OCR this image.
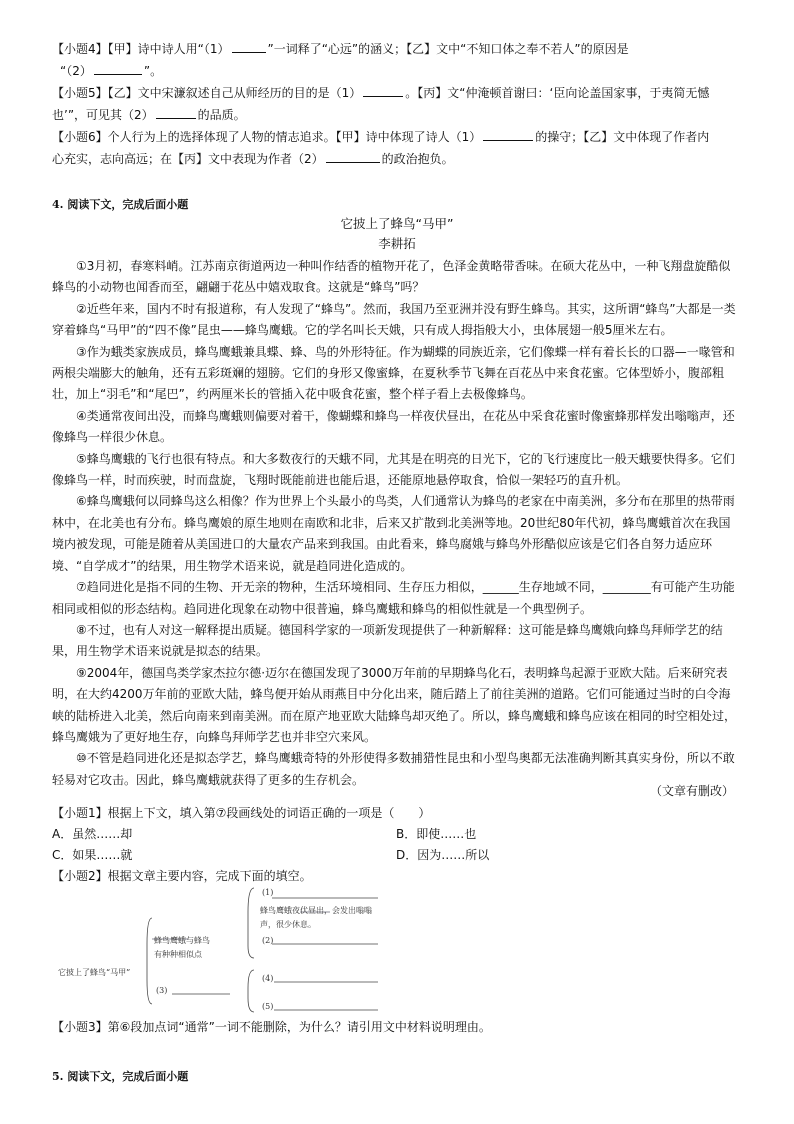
【小题4】【甲】诗中诗人用“（1）	”一词释了“心远”的涵义；【乙】文中“不知口体之奉不若人”的原因是
“（2）	”。
【小题5】【乙】文中宋濂叙述自己从师经历的目的是（1）	。【丙】文“仲淹顿首谢曰：‘臣向论盖国家事，于夷简无憾
也’”，可见其（2）	的品质。
【小题6】个人行为上的选择体现了人物的情志追求。【甲】诗中体现了诗人（1）	的操守；【乙】文中体现了作者内
心充实，志向高远；在【丙】文中表现为作者（2）	的政治抱负。
4. 阅读下文，完成后面小题
它披上了蜂鸟“马甲”
李耕拓

①3月初，春寒料峭。江苏南京街道两边一种叫作结香的植物开花了，色泽金黄略带香味。在硕大花丛中，一种飞翔盘旋酷似蜂鸟的小动物也闻香而至，翩翩于花丛中嬉戏取食。这就是“蜂鸟”吗？

②近些年来，国内不时有报道称，有人发现了“蜂鸟”。然而，我国乃至亚洲并没有野生蜂鸟。其实，这所谓“蜂鸟”大都是一类穿着蜂鸟“马甲”的“四不像”昆虫——蜂鸟鹰蛾。它的学名叫长天娥，只有成人拇指般大小，虫体展翅一般5厘米左右。

③作为蛾类家族成员，蜂鸟鹰蛾兼具蝶、蜂、鸟的外形特征。作为蝴蝶的同族近亲，它们像蝶一样有着长长的口器—一喙管和两根尖端膨大的触角，还有五彩斑斓的翅膀。它们的身形又像蜜蜂，在夏秋季节飞舞在百花丛中来食花蜜。它体型娇小，腹部粗壮，加上“羽毛”和“尾巴”，约两厘米长的管插入花中吸食花蜜，整个样子看上去极像蜂鸟。

④类通常夜间出没，而蜂鸟鹰蛾则偏要对着干，像蝴蝶和蜂鸟一样夜伏昼出，在花丛中采食花蜜时像蜜蜂那样发出嗡嗡声，还像蜂鸟一样很少休息。

⑤蜂鸟鹰蛾的飞行也很有特点。和大多数夜行的天蛾不同，尤其是在明亮的日光下，它的飞行速度比一般天蛾要快得多。它们像蜂鸟一样，时而疾驶，时而盘旋，飞翔时既能前进也能后退，还能原地悬停取食，恰似一架轻巧的直升机。

⑥蜂鸟鹰蛾何以同蜂鸟这么相像？作为世界上个头最小的鸟类，人们通常认为蜂鸟的老家在中南美洲，多分布在那里的热带雨林中，在北美也有分布。蜂鸟鹰娘的原生地则在南欧和北非，后来又扩散到北美洲等地。20世纪80年代初，蜂鸟鹰蛾首次在我国境内被发现，可能是随着从美国进口的大量农产品来到我国。由此看来，蜂鸟腐娥与蜂鸟外形酷似应该是它们各自努力适应环境、“自学成才”的结果，用生物学术语来说，就是趋同进化造成的。

⑦趋同进化是指不同的生物、开无亲的物种，生活环境相同、生存压力相似，______生存地域不同，________有可能产生功能相同或相似的形态结构。趋同进化现象在动物中很普遍，蜂鸟鹰蛾和蜂鸟的相似性就是一个典型例子。

⑧不过，也有人对这一解释提出质疑。德国科学家的一项新发现提供了一种新解释：这可能是蜂鸟鹰娥向蜂鸟拜师学艺的结果，用生物学术语来说就是拟态的结果。

⑨2004年，德国鸟类学家杰拉尔德·迈尔在德国发现了3000万年前的早期蜂鸟化石，表明蜂鸟起源于亚欧大陆。后来研究表明，在大约4200万年前的亚欧大陆，蜂鸟便开始从雨燕目中分化出来，随后踏上了前往美洲的道路。它们可能通过当时的白令海峡的陆桥进入北美，然后向南来到南美洲。而在原产地亚欧大陆蜂鸟却灭绝了。所以，蜂鸟鹰蛾和蜂鸟应该在相同的时空相处过，蜂鸟鹰娥为了更好地生存，向蜂鸟拜师学艺也并非空穴来风。

⑩不管是趋同进化还是拟态学艺，蜂鸟鹰蛾奇特的外形使得多数捕猎性昆虫和小型鸟奥都无法准确判断其真实身份，所以不敢轻易对它攻击。因此，蜂鸟鹰蛾就获得了更多的生存机会。

（文章有删改）
【小题1】根据上下文，填入第⑦段画线处的词语正确的一项是（　　）
A．虽然……却	B．即使……也
C．如果……就	D．因为……所以
【小题2】根据文章主要内容，完成下面的填空。
它披上了蜂鸟“马甲”
蜂鸟鹰蛾与蜂鸟有种种相似点
(1)
蜂鸟鹰蛾夜伏昼出，会发出嗡嗡声，很少休息。
(2)
(3)
(4)
(5)
【小题3】第⑥段加点词“通常”一词不能删除，为什么？请引用文中材料说明理由。
5. 阅读下文，完成后面小题
